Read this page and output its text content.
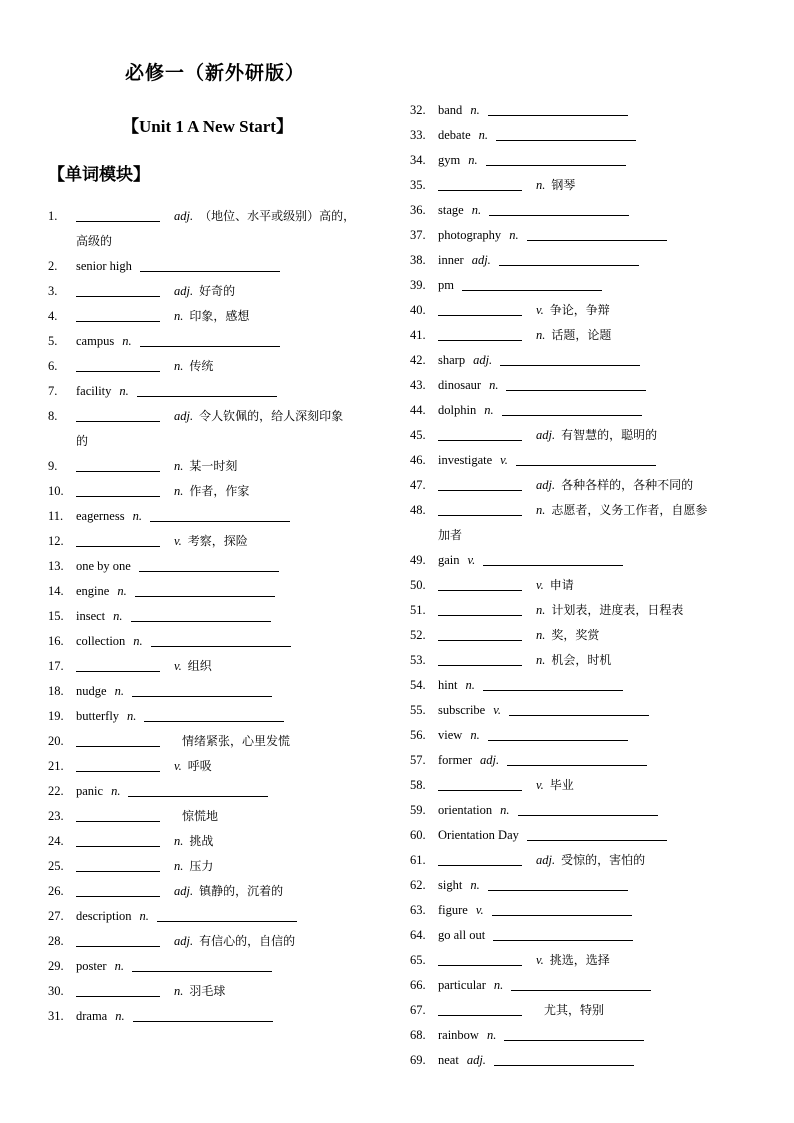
必修一（新外研版）
【Unit 1 A New Start】
【单词模块】
1.	adj. （地位、水平或级别）高的，
高级的
2. senior high
3.	adj. 好奇的
4.	n. 印象，感想
5. campus n.
6.	n. 传统
7. facility n.
8.	adj. 令人钦佩的，给人深刻印象
的
9.	n. 某一时刻
10.	n. 作者，作家
11. eagerness n.
12.	v. 考察，探险
13. one by one
14. engine n.
15. insect n.
16. collection n.
17.	v. 组织
18. nudge n.
19. butterfly n.
20.	情绪紧张，心里发慌
21.	v. 呼吸
22. panic n.
23.	惊慌地
24.	n. 挑战
25.	n. 压力
26.	adj. 镇静的，沉着的
27. description n.
28.	adj. 有信心的，自信的
29. poster n.
30.	n. 羽毛球
31. drama n.
32. band n.
33. debate n.
34. gym n.
35.	n. 钢琴
36. stage n.
37. photography n.
38. inner adj.
39. pm
40.	v. 争论，争辩
41.	n. 话题，论题
42. sharp adj.
43. dinosaur n.
44. dolphin n.
45.	adj. 有智慧的，聪明的
46. investigate v.
47.	adj. 各种各样的，各种不同的
48.	n. 志愿者，义务工作者，自愿参
加者
49. gain v.
50.	v. 申请
51.	n. 计划表，进度表，日程表
52.	n. 奖，奖赏
53.	n. 机会，时机
54. hint n.
55. subscribe v.
56. view n.
57. former adj.
58.	v. 毕业
59. orientation n.
60. Orientation Day
61.	adj. 受惊的，害怕的
62. sight n.
63. figure v.
64. go all out
65.	v. 挑选，选择
66. particular n.
67.	尤其，特别
68. rainbow n.
69. neat adj.
